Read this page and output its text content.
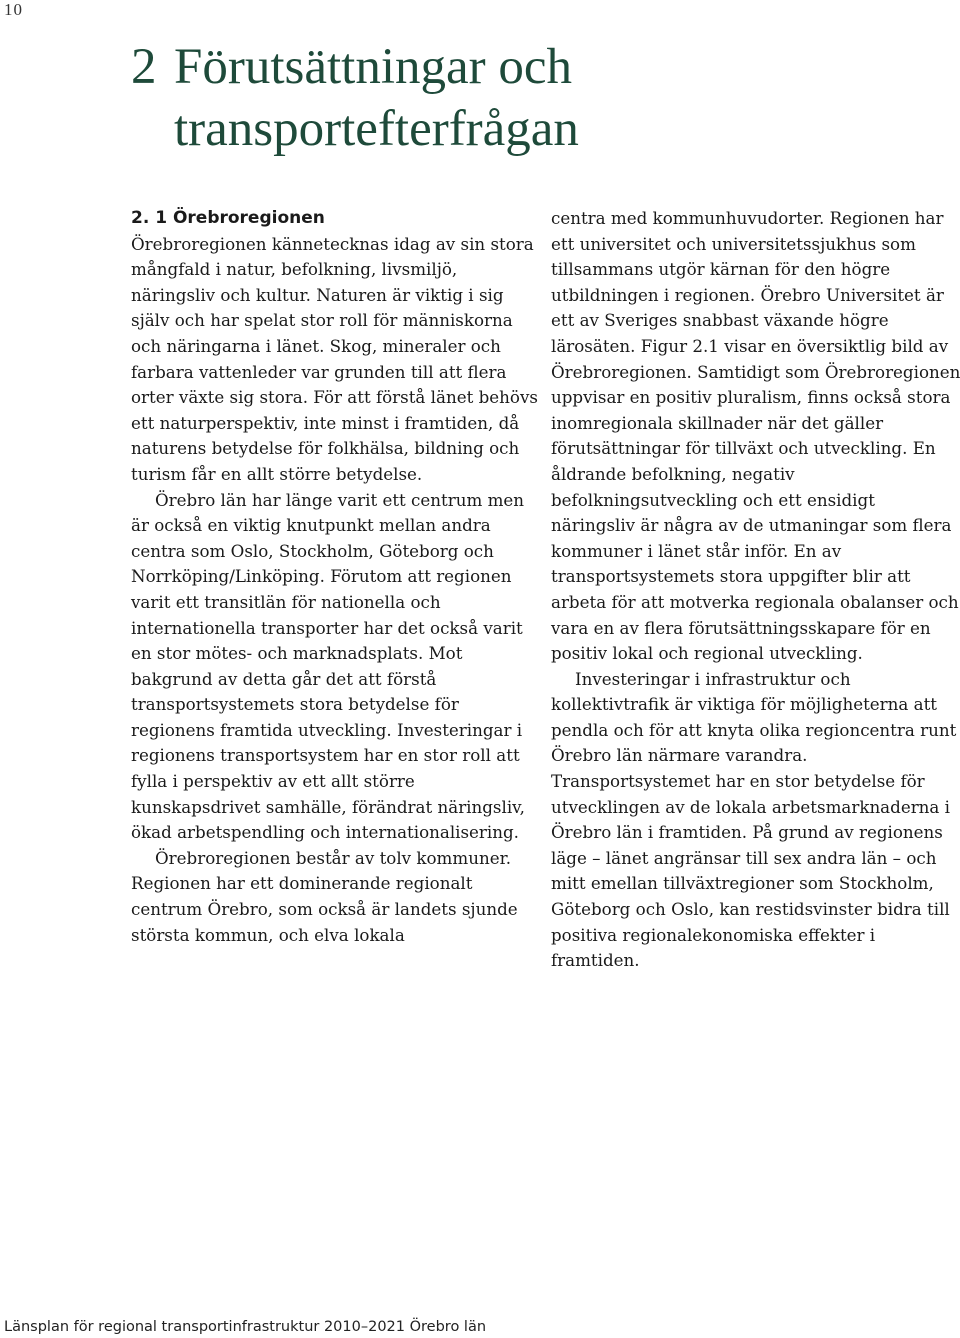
10
2 Förutsättningar och
transportefterfrågan
2. 1 Örebroregionen

Örebroregionen kännetecknas idag av sin stora mångfald i natur, befolkning, livsmiljö, näringsliv och kultur. Naturen är viktig i sig själv och har spelat stor roll för människorna och näringarna i länet. Skog, mineraler och farbara vattenleder var grunden till att flera orter växte sig stora. För att förstå länet behövs ett naturperspektiv, inte minst i framtiden, då naturens betydelse för folkhälsa, bildning och turism får en allt större betydelse.

Örebro län har länge varit ett centrum men är också en viktig knutpunkt mellan andra centra som Oslo, Stockholm, Göteborg och Norrköping/Linköping. Förutom att regionen varit ett transitlän för nationella och internationella transporter har det också varit en stor mötes- och marknadsplats. Mot bakgrund av detta går det att förstå transportsystemets stora betydelse för regionens framtida utveckling. Investeringar i regionens transportsystem har en stor roll att fylla i perspektiv av ett allt större kunskapsdrivet samhälle, förändrat näringsliv, ökad arbetspendling och internationalisering.

Örebroregionen består av tolv kommuner. Regionen har ett dominerande regionalt centrum Örebro, som också är landets sjunde största kommun, och elva lokala

centra med kommunhuvudorter. Regionen har ett universitet och universitetssjukhus som tillsammans utgör kärnan för den högre utbildningen i regionen. Örebro Universitet är ett av Sveriges snabbast växande högre lärosäten. Figur 2.1 visar en översiktlig bild av Örebroregionen. Samtidigt som Örebroregionen uppvisar en positiv pluralism, finns också stora inomregionala skillnader när det gäller förutsättningar för tillväxt och utveckling. En åldrande befolkning, negativ befolkningsutveckling och ett ensidigt näringsliv är några av de utmaningar som flera kommuner i länet står inför. En av transportsystemets stora uppgifter blir att arbeta för att motverka regionala obalanser och vara en av flera förutsättningsskapare för en positiv lokal och regional utveckling.

Investeringar i infrastruktur och kollektivtrafik är viktiga för möjligheterna att pendla och för att knyta olika regioncentra runt Örebro län närmare varandra. Transportsystemet har en stor betydelse för utvecklingen av de lokala arbetsmarknaderna i Örebro län i framtiden. På grund av regionens läge – länet angränsar till sex andra län – och mitt emellan tillväxtregioner som Stockholm, Göteborg och Oslo, kan restidsvinster bidra till positiva regionalekonomiska effekter i framtiden.

Länsplan för regional transportinfrastruktur 2010–2021 Örebro län
